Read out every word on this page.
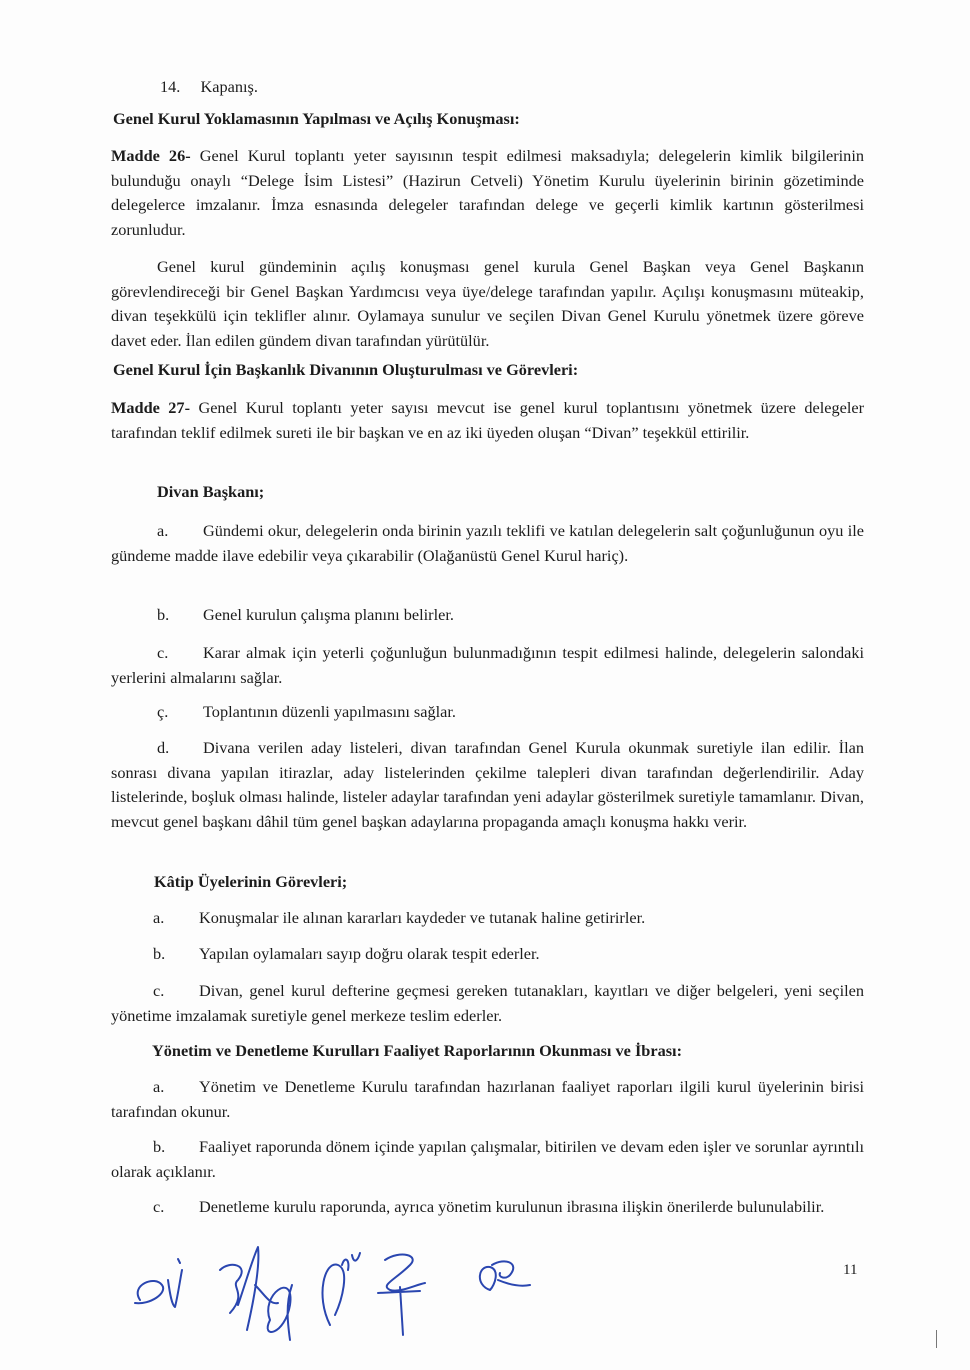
14. Kapanış.
Genel Kurul Yoklamasının Yapılması ve Açılış Konuşması:
Madde 26- Genel Kurul toplantı yeter sayısının tespit edilmesi maksadıyla; delegelerin kimlik bilgilerinin bulunduğu onaylı “Delege İsim Listesi” (Hazirun Cetveli) Yönetim Kurulu üyelerinin birinin gözetiminde delegelerce imzalanır. İmza esnasında delegeler tarafından delege ve geçerli kimlik kartının gösterilmesi zorunludur.
Genel kurul gündeminin açılış konuşması genel kurula Genel Başkan veya Genel Başkanın görevlendireceği bir Genel Başkan Yardımcısı veya üye/delege tarafından yapılır. Açılışı konuşmasını müteakip, divan teşekkülü için teklifler alınır. Oylamaya sunulur ve seçilen Divan Genel Kurulu yönetmek üzere göreve davet eder. İlan edilen gündem divan tarafından yürütülür.
Genel Kurul İçin Başkanlık Divanının Oluşturulması ve Görevleri:
Madde 27- Genel Kurul toplantı yeter sayısı mevcut ise genel kurul toplantısını yönetmek üzere delegeler tarafından teklif edilmek sureti ile bir başkan ve en az iki üyeden oluşan “Divan” teşekkül ettirilir.
Divan Başkanı;
a. Gündemi okur, delegelerin onda birinin yazılı teklifi ve katılan delegelerin salt çoğunluğunun oyu ile gündeme madde ilave edebilir veya çıkarabilir (Olağanüstü Genel Kurul hariç).
b. Genel kurulun çalışma planını belirler.
c. Karar almak için yeterli çoğunluğun bulunmadığının tespit edilmesi halinde, delegelerin salondaki yerlerini almalarını sağlar.
ç. Toplantının düzenli yapılmasını sağlar.
d. Divana verilen aday listeleri, divan tarafından Genel Kurula okunmak suretiyle ilan edilir. İlan sonrası divana yapılan itirazlar, aday listelerinden çekilme talepleri divan tarafından değerlendirilir. Aday listelerinde, boşluk olması halinde, listeler adaylar tarafından yeni adaylar gösterilmek suretiyle tamamlanır. Divan, mevcut genel başkanı dâhil tüm genel başkan adaylarına propaganda amaçlı konuşma hakkı verir.
Kâtip Üyelerinin Görevleri;
a. Konuşmalar ile alınan kararları kaydeder ve tutanak haline getirirler.
b. Yapılan oylamaları sayıp doğru olarak tespit ederler.
c. Divan, genel kurul defterine geçmesi gereken tutanakları, kayıtları ve diğer belgeleri, yeni seçilen yönetime imzalamak suretiyle genel merkeze teslim ederler.
Yönetim ve Denetleme Kurulları Faaliyet Raporlarının Okunması ve İbrası:
a. Yönetim ve Denetleme Kurulu tarafından hazırlanan faaliyet raporları ilgili kurul üyelerinin birisi tarafından okunur.
b. Faaliyet raporunda dönem içinde yapılan çalışmalar, bitirilen ve devam eden işler ve sorunlar ayrıntılı olarak açıklanır.
c. Denetleme kurulu raporunda, ayrıca yönetim kurulunun ibrasına ilişkin önerilerde bulunulabilir.
11
